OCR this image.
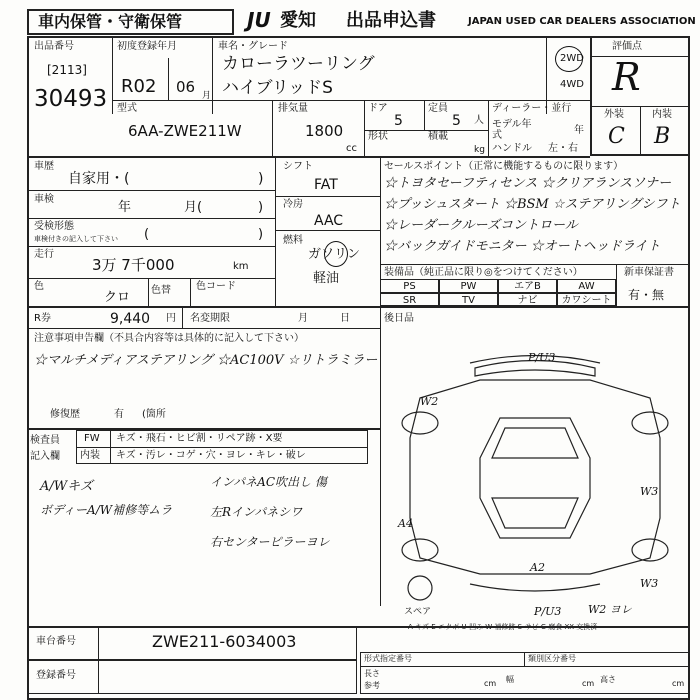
車内保管・守衛保管	JU 愛知 出品申込書	JAPAN USED CAR DEALERS ASSOCIATION
出品番号
[2113]
30493
初度登録年月
R02 06 月
車名・グレード
カローラツーリング
ハイブリッドS
2WD
4WD
評価点
R
外装	内装
C B
型式
6AA-ZWE211W
排気量
1800
cc
ドア
5
定員
5 人
形状	積載
kg
ディーラー・並行
モデル年式	年
ハンドル 左・右
車歴
自家用・(	)
車検
年	月(	)
受検形態
車検付きの記入して下さい (	)
走行
3万 7千000	km
色
クロ 色替	色コード
シフト
FAT
冷房
AAC
燃料
ガソリン
軽油
セールスポイント（正常に機能するものに限ります）
☆トヨタセーフティセンス ☆クリアランスソナー
☆プッシュスタート ☆BSM ☆ステアリングシフト
☆レーダークルーズコントロール
☆バックガイドモニター ☆オートヘッドライト
装備品（純正品に限り◎をつけてください）	新車保証書
有・無
PS	PW	エアB	AW
SR	TV	ナビ	カワシート
R券	9,440 円 名変期限	月	日	後日品
注意事項申告欄（不具合内容等は具体的に記入して下さい）
☆マルチメディアステアリング ☆AC100V ☆リトラミラー
修復歴	有 (箇所
検査員
記入欄
FW キズ・飛石・ヒビ割・リペア跡・X要
内装 キズ・汚レ・コゲ・穴・ヨレ・キレ・破レ
A/Wキズ
ボディーA/W補修等ムラ
インパネAC吹出し 傷
左Rインパネシワ
右センターピラーヨレ
P/U3
W2
W3
A4
A2
W3
P/U3 W2 ヨレ
スペア
A-キズ E-エクボ U-凹み W-補修跡 S-サビ C-腐食 XX-交換済
車台番号	ZWE211-6034003
登録番号
形式指定番号	類別区分番号
長さ
参考	cm 幅	cm 高さ	cm
